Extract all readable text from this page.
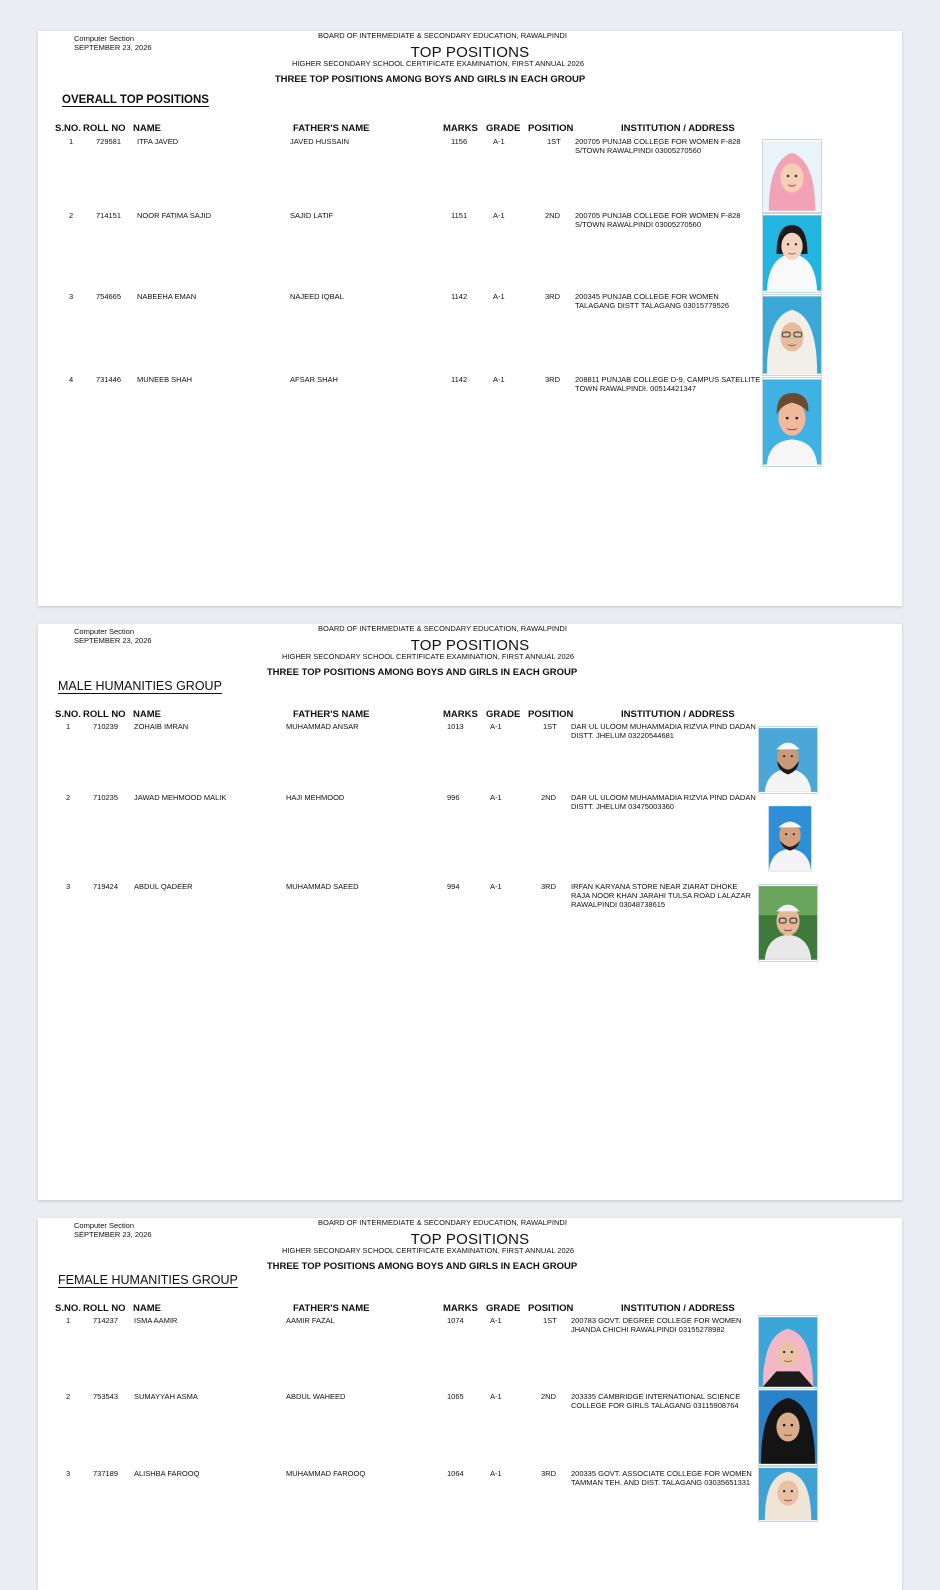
Computer Section
SEPTEMBER 23, 2026
BOARD OF INTERMEDIATE & SECONDARY EDUCATION, RAWALPINDI
TOP POSITIONS
HIGHER SECONDARY SCHOOL CERTIFICATE EXAMINATION, FIRST ANNUAL 2026
THREE TOP POSITIONS AMONG BOYS AND GIRLS IN EACH GROUP
OVERALL TOP POSITIONS
S.NO. ROLL NO NAME	FATHER'S NAME	MARKS GRADE POSITION	INSTITUTION / ADDRESS
1	729581 ITFA JAVED	JAVED HUSSAIN	1156	A-1	1ST 200705 PUNJAB COLLEGE FOR WOMEN F-828 S/TOWN RAWALPINDI 03005270560
2	714151 NOOR FATIMA SAJID	SAJID LATIF	1151	A-1	2ND 200705 PUNJAB COLLEGE FOR WOMEN F-828 S/TOWN RAWALPINDI 03005270560
3	754665 NABEEHA EMAN	NAJEED IQBAL	1142	A-1	3RD 200345 PUNJAB COLLEGE FOR WOMEN TALAGANG DISTT TALAGANG 03015779526
4	731446 MUNEEB SHAH	AFSAR SHAH	1142	A-1	3RD 208811 PUNJAB COLLEGE D-9, CAMPUS SATELLITE TOWN RAWALPINDI. 00514421347
Computer Section
SEPTEMBER 23, 2026
BOARD OF INTERMEDIATE & SECONDARY EDUCATION, RAWALPINDI
TOP POSITIONS
HIGHER SECONDARY SCHOOL CERTIFICATE EXAMINATION, FIRST ANNUAL 2026
THREE TOP POSITIONS AMONG BOYS AND GIRLS IN EACH GROUP
MALE HUMANITIES GROUP
S.NO. ROLL NO NAME	FATHER'S NAME	MARKS GRADE POSITION	INSTITUTION / ADDRESS
1	710239 ZOHAIB IMRAN	MUHAMMAD ANSAR	1013	A-1	1ST DAR UL ULOOM MUHAMMADIA RIZVIA PIND DADAN DISTT. JHELUM 03220544681
2	710235 JAWAD MEHMOOD MALIK	HAJI MEHMOOD	996	A-1	2ND DAR UL ULOOM MUHAMMADIA RIZVIA PIND DADAN DISTT. JHELUM 03475003360
3	719424 ABDUL QADEER	MUHAMMAD SAEED	994	A-1	3RD IRFAN KARYANA STORE NEAR ZIARAT DHOKE RAJA NOOR KHAN JARAHI TULSA ROAD LALAZAR RAWALPINDI 03048738615
Computer Section
SEPTEMBER 23, 2026
BOARD OF INTERMEDIATE & SECONDARY EDUCATION, RAWALPINDI
TOP POSITIONS
HIGHER SECONDARY SCHOOL CERTIFICATE EXAMINATION, FIRST ANNUAL 2026
THREE TOP POSITIONS AMONG BOYS AND GIRLS IN EACH GROUP
FEMALE HUMANITIES GROUP
S.NO. ROLL NO NAME	FATHER'S NAME	MARKS GRADE POSITION	INSTITUTION / ADDRESS
1	714237 ISMA AAMIR	AAMIR FAZAL	1074	A-1	1ST 200783 GOVT. DEGREE COLLEGE FOR WOMEN JHANDA CHICHI RAWALPINDI 03155278982
2	753543 SUMAYYAH ASMA	ABDUL WAHEED	1065	A-1	2ND 203335 CAMBRIDGE INTERNATIONAL SCIENCE COLLEGE FOR GIRLS TALAGANG 03115908764
3	737189 ALISHBA FAROOQ	MUHAMMAD FAROOQ	1064	A-1	3RD 200335 GOVT. ASSOCIATE COLLEGE FOR WOMEN TAMMAN TEH. AND DIST. TALAGANG 03035651331
